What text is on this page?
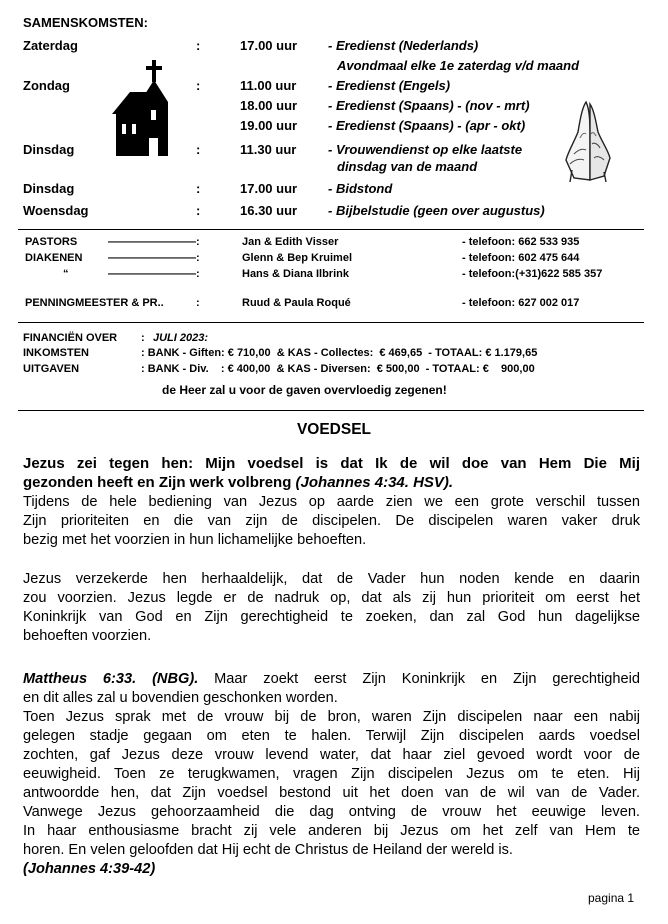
SAMENSKOMSTEN:
Zaterdag	:	17.00 uur - Eredienst (Nederlands)
Avondmaal elke 1e zaterdag v/d maand
Zondag	:	11.00 uur - Eredienst (Engels)
18.00 uur - Eredienst (Spaans) - (nov - mrt)
19.00 uur - Eredienst (Spaans) - (apr - okt)
Dinsdag	:	11.30 uur - Vrouwendienst op elke laatste
dinsdag van de maand
Dinsdag	:	17.00 uur - Bidstond
Woensdag	:	16.30 uur - Bijbelstudie (geen over augustus)
PASTORS	————————:	Jan & Edith Visser	- telefoon: 662 533 935
DIAKENEN ————————:	Glenn & Bep Kruimel	- telefoon: 602 475 644
“	————————:	Hans & Diana Ilbrink	- telefoon:(+31)622 585 357
PENNINGMEESTER & PR..	:	Ruud & Paula Roqué	- telefoon: 627 002 017
FINANCIËN OVER : JULI 2023:
INKOMSTEN	: BANK - Giften: € 710,00  & KAS - Collectes:  € 469,65  - TOTAAL: € 1.179,65
UITGAVEN	: BANK - Div.    : € 400,00  & KAS - Diversen:  € 500,00  - TOTAAL: €    900,00
de Heer zal u voor de gaven overvloedig zegenen!
VOEDSEL
Jezus zei tegen hen: Mijn voedsel is dat Ik de wil doe van Hem Die Mij
gezonden heeft en Zijn werk volbreng (Johannes 4:34. HSV).
Tijdens de hele bediening van Jezus op aarde zien we een grote verschil tussen
Zijn prioriteiten en die van zijn de discipelen. De discipelen waren vaker druk
bezig met het voorzien in hun lichamelijke behoeften.
Jezus verzekerde hen herhaaldelijk, dat de Vader hun noden kende en daarin
zou voorzien. Jezus legde er de nadruk op, dat als zij hun prioriteit om eerst het
Koninkrijk van God en Zijn gerechtigheid te zoeken, dan zal God hun dagelijkse
behoeften voorzien.
Mattheus 6:33. (NBG). Maar zoekt eerst Zijn Koninkrijk en Zijn gerechtigheid
en dit alles zal u bovendien geschonken worden.
Toen Jezus sprak met de vrouw bij de bron, waren Zijn discipelen naar een nabij
gelegen stadje gegaan om eten te halen. Terwijl Zijn discipelen aards voedsel
zochten, gaf Jezus deze vrouw levend water, dat haar ziel gevoed wordt voor de
eeuwigheid. Toen ze terugkwamen, vragen Zijn discipelen Jezus om te eten. Hij
antwoordde hen, dat Zijn voedsel bestond uit het doen van de wil van de Vader.
Vanwege Jezus gehoorzaamheid die dag ontving de vrouw het eeuwige leven.
In haar enthousiasme bracht zij vele anderen bij Jezus om het zelf van Hem te
horen. En velen geloofden dat Hij echt de Christus de Heiland der wereld is.
(Johannes 4:39-42)
pagina 1
